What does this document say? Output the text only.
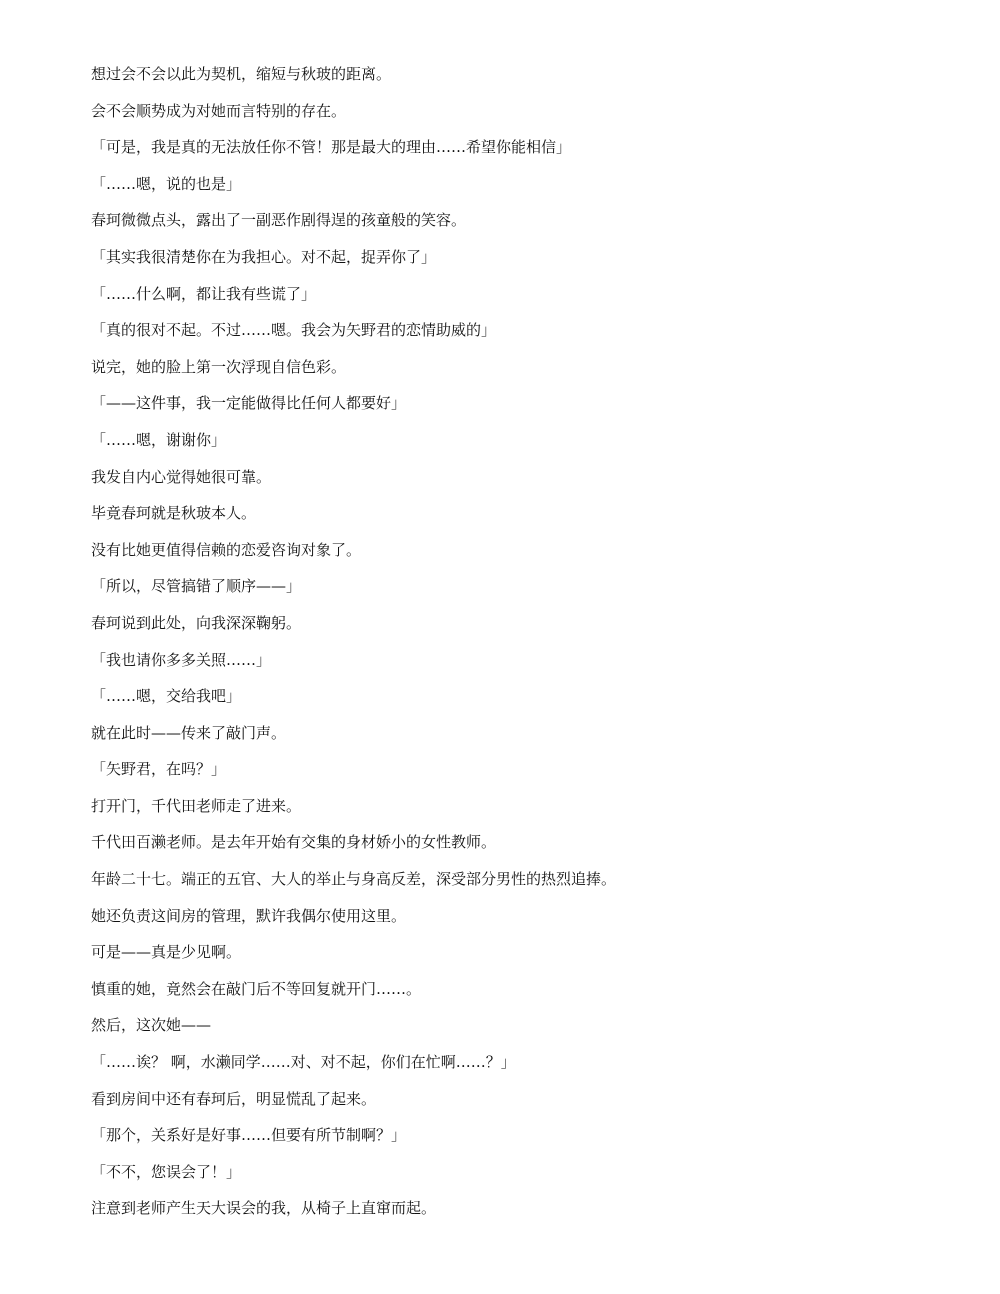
想过会不会以此为契机，缩短与秋玻的距离。

会不会顺势成为对她而言特别的存在。

「可是，我是真的无法放任你不管！那是最大的理由……希望你能相信」

「……嗯，说的也是」

春珂微微点头，露出了一副恶作剧得逞的孩童般的笑容。

「其实我很清楚你在为我担心。对不起，捉弄你了」

「……什么啊，都让我有些谎了」

「真的很对不起。不过……嗯。我会为矢野君的恋情助威的」

说完，她的脸上第一次浮现自信色彩。

「——这件事，我一定能做得比任何人都要好」

「……嗯，谢谢你」

我发自内心觉得她很可靠。

毕竟春珂就是秋玻本人。

没有比她更值得信赖的恋爱咨询对象了。

「所以，尽管搞错了顺序——」

春珂说到此处，向我深深鞠躬。

「我也请你多多关照……」

「……嗯，交给我吧」

就在此时——传来了敲门声。

「矢野君，在吗？」

打开门，千代田老师走了进来。

千代田百濑老师。是去年开始有交集的身材娇小的女性教师。

年龄二十七。端正的五官、大人的举止与身高反差，深受部分男性的热烈追捧。

她还负责这间房的管理，默许我偶尔使用这里。

可是——真是少见啊。

慎重的她，竟然会在敲门后不等回复就开门……。

然后，这次她——

「……诶？ 啊，水濑同学……对、对不起，你们在忙啊……？」

看到房间中还有春珂后，明显慌乱了起来。

「那个，关系好是好事……但要有所节制啊？」

「不不，您误会了！」

注意到老师产生天大误会的我，从椅子上直窜而起。
